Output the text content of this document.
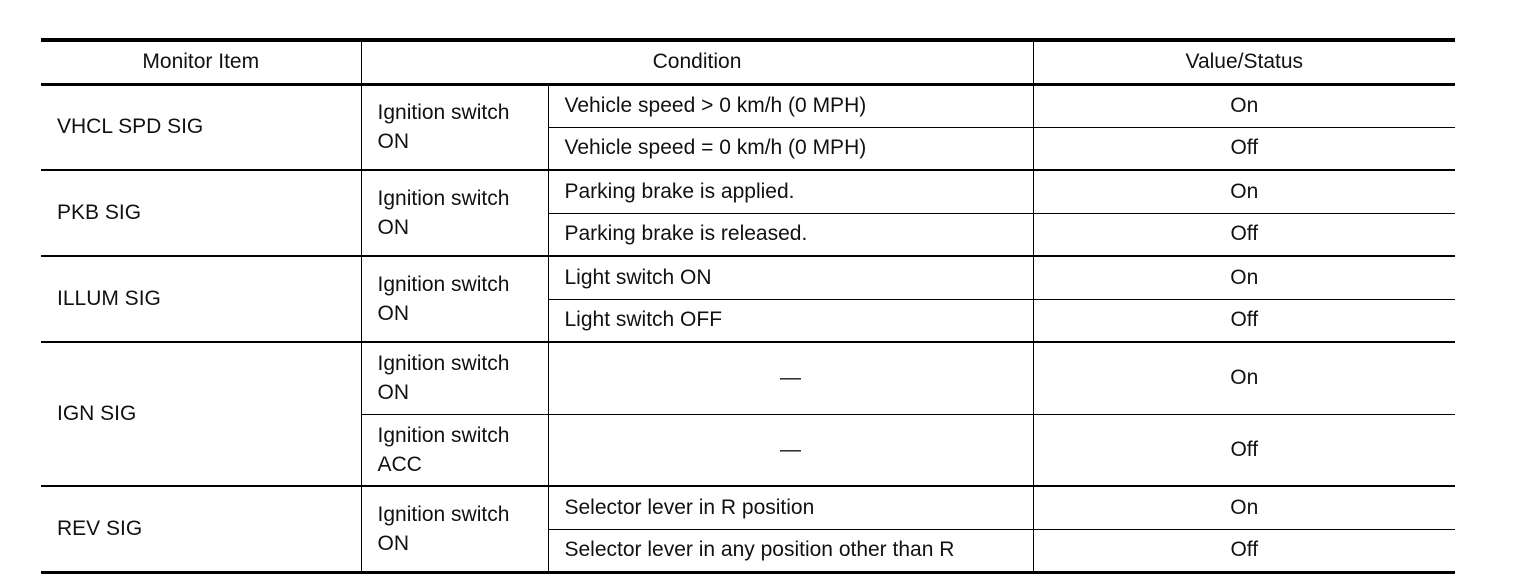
Monitor Item	Condition		Value/Status
VHCL SPD SIG	Ignition switch ON	Vehicle speed > 0 km/h (0 MPH)	On
		Vehicle speed = 0 km/h (0 MPH)	Off
PKB SIG	Ignition switch ON	Parking brake is applied.	On
		Parking brake is released.	Off
ILLUM SIG	Ignition switch ON	Light switch ON	On
		Light switch OFF	Off
IGN SIG	Ignition switch ON	—	On
	Ignition switch ACC	—	Off
REV SIG	Ignition switch ON	Selector lever in R position	On
		Selector lever in any position other than R	Off
